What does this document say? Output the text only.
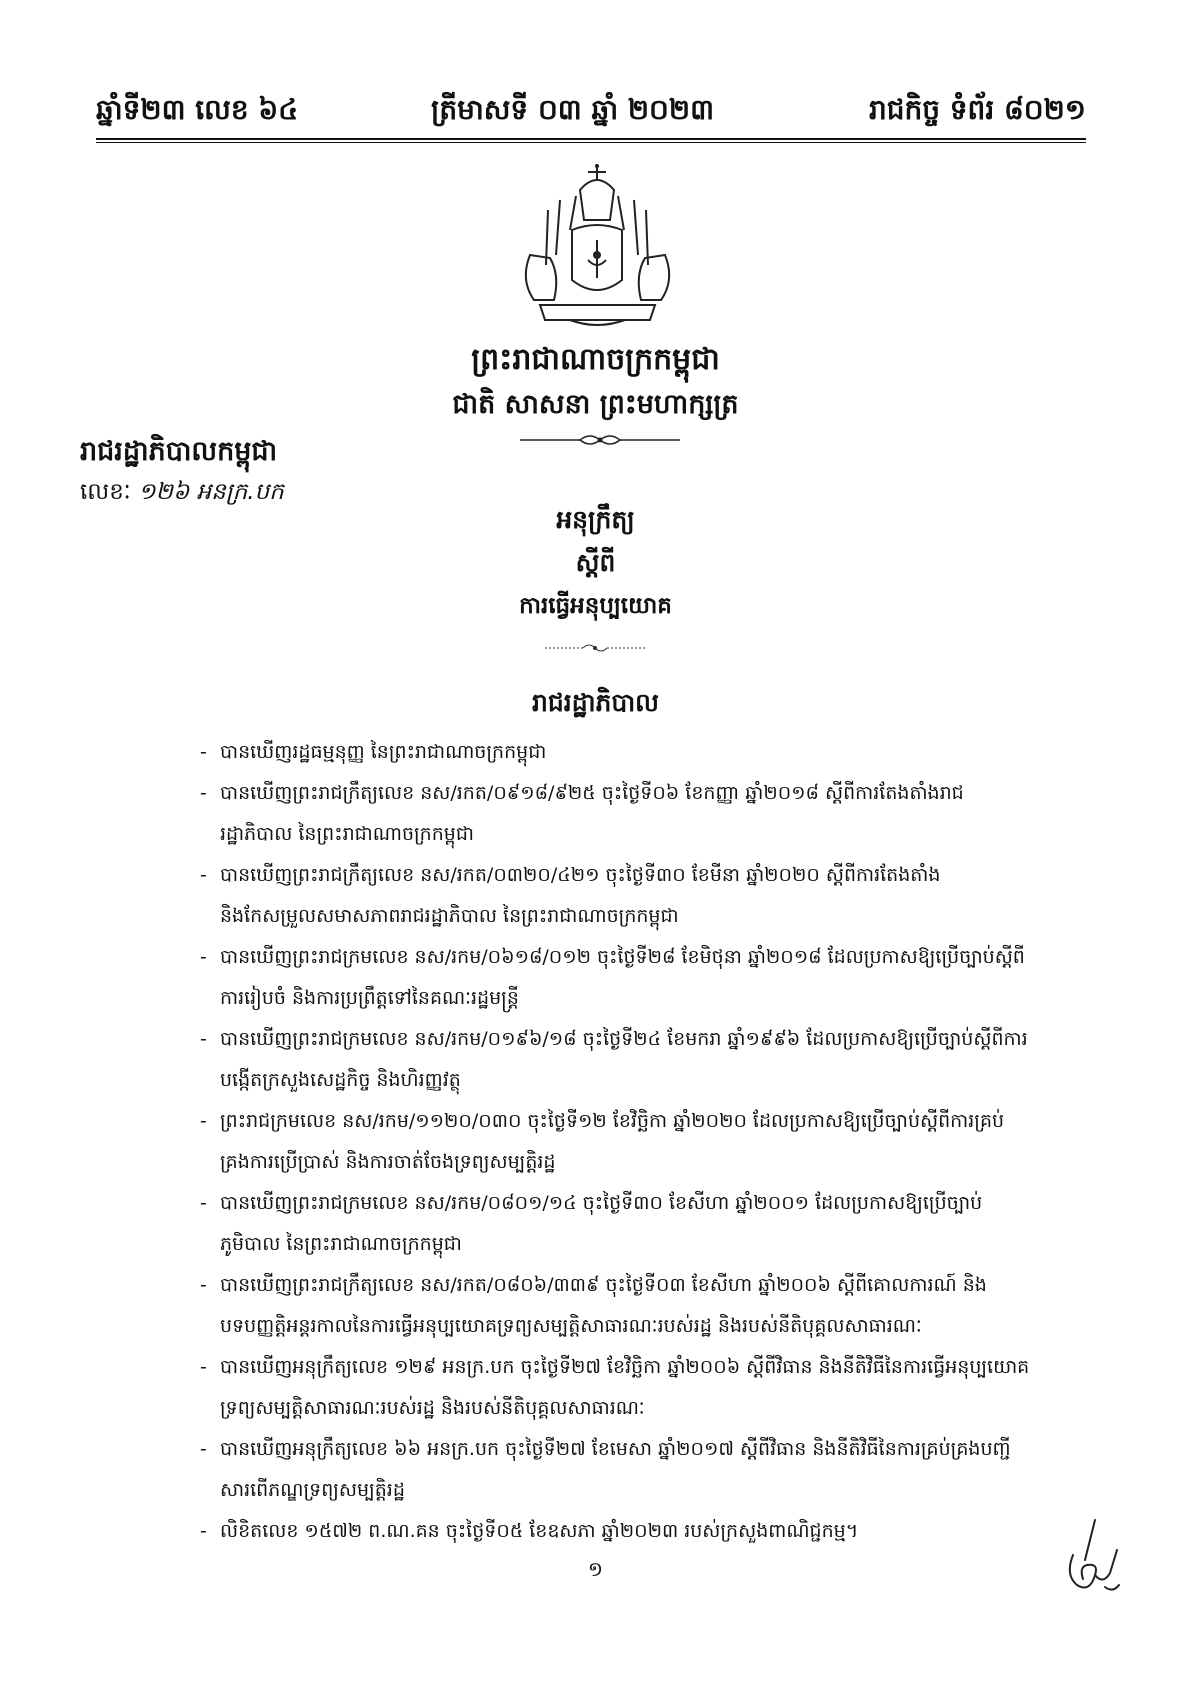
ឆ្នាំទី២៣ លេខ ៦៤	ត្រីមាសទី ០៣ ឆ្នាំ ២០២៣	រាជកិច្ច ទំព័រ ៨០២១
ព្រះរាជាណាចក្រកម្ពុជា
ជាតិ សាសនា ព្រះមហាក្សត្រ
រាជរដ្ឋាភិបាលកម្ពុជា
លេខៈ ១២៦ អនក្រ.បក
អនុក្រឹត្យ
ស្តីពី
ការធ្វើអនុប្បយោគ
រាជរដ្ឋាភិបាល
- បានឃើញរដ្ឋធម្មនុញ្ញ នៃព្រះរាជាណាចក្រកម្ពុជា
- បានឃើញព្រះរាជក្រឹត្យលេខ នស/រកត/០៩១៨/៩២៥ ចុះថ្ងៃទី០៦ ខែកញ្ញា ឆ្នាំ២០១៨ ស្តីពីការតែងតាំងរាជរដ្ឋាភិបាល នៃព្រះរាជាណាចក្រកម្ពុជា
- បានឃើញព្រះរាជក្រឹត្យលេខ នស/រកត/០៣២០/៤២១ ចុះថ្ងៃទី៣០ ខែមីនា ឆ្នាំ២០២០ ស្តីពីការតែងតាំងនិងកែសម្រួលសមាសភាពរាជរដ្ឋាភិបាល នៃព្រះរាជាណាចក្រកម្ពុជា
- បានឃើញព្រះរាជក្រមលេខ នស/រកម/០៦១៨/០១២ ចុះថ្ងៃទី២៨ ខែមិថុនា ឆ្នាំ២០១៨ ដែលប្រកាសឱ្យប្រើច្បាប់ស្តីពីការរៀបចំ និងការប្រព្រឹត្តទៅនៃគណៈរដ្ឋមន្ត្រី
- បានឃើញព្រះរាជក្រមលេខ នស/រកម/០១៩៦/១៨ ចុះថ្ងៃទី២៤ ខែមករា ឆ្នាំ១៩៩៦ ដែលប្រកាសឱ្យប្រើច្បាប់ស្តីពីការបង្កើតក្រសួងសេដ្ឋកិច្ច និងហិរញ្ញវត្ថុ
- ព្រះរាជក្រមលេខ នស/រកម/១១២០/០៣០ ចុះថ្ងៃទី១២ ខែវិច្ឆិកា ឆ្នាំ២០២០ ដែលប្រកាសឱ្យប្រើច្បាប់ស្តីពីការគ្រប់គ្រងការប្រើប្រាស់ និងការចាត់ចែងទ្រព្យសម្បត្តិរដ្ឋ
- បានឃើញព្រះរាជក្រមលេខ នស/រកម/០៨០១/១៤ ចុះថ្ងៃទី៣០ ខែសីហា ឆ្នាំ២០០១ ដែលប្រកាសឱ្យប្រើច្បាប់ភូមិបាល នៃព្រះរាជាណាចក្រកម្ពុជា
- បានឃើញព្រះរាជក្រឹត្យលេខ នស/រកត/០៨០៦/៣៣៩ ចុះថ្ងៃទី០៣ ខែសីហា ឆ្នាំ២០០៦ ស្តីពីគោលការណ៍ និងបទបញ្ញត្តិអន្តរកាលនៃការធ្វើអនុប្បយោគទ្រព្យសម្បត្តិសាធារណៈរបស់រដ្ឋ និងរបស់នីតិបុគ្គលសាធារណៈ
- បានឃើញអនុក្រឹត្យលេខ ១២៩ អនក្រ.បក ចុះថ្ងៃទី២៧ ខែវិច្ឆិកា ឆ្នាំ២០០៦ ស្តីពីវិធាន និងនីតិវិធីនៃការធ្វើអនុប្បយោគទ្រព្យសម្បត្តិសាធារណៈរបស់រដ្ឋ និងរបស់នីតិបុគ្គលសាធារណៈ
- បានឃើញអនុក្រឹត្យលេខ ៦៦ អនក្រ.បក ចុះថ្ងៃទី២៧ ខែមេសា ឆ្នាំ២០១៧ ស្តីពីវិធាន និងនីតិវិធីនៃការគ្រប់គ្រងបញ្ជីសារពើភណ្ឌទ្រព្យសម្បត្តិរដ្ឋ
- លិខិតលេខ ១៥៧២ ព.ណ.គន ចុះថ្ងៃទី០៥ ខែឧសភា ឆ្នាំ២០២៣ របស់ក្រសួងពាណិជ្ជកម្ម។
១
